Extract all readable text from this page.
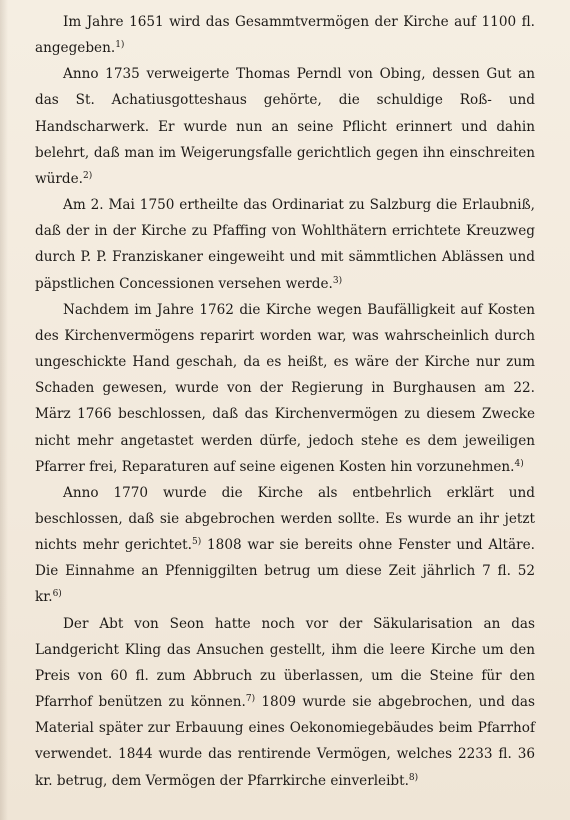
Im Jahre 1651 wird das Gesammtvermögen der Kirche auf 1100 fl. angegeben.$^{1)}$

Anno 1735 verweigerte Thomas Perndl von Obing, dessen Gut an das St. Achatiusgotteshaus gehörte, die schuldige Roß- und Handscharwerk. Er wurde nun an seine Pflicht erinnert und dahin belehrt, daß man im Weigerungsfalle gerichtlich gegen ihn einschreiten würde.$^{2)}$

Am 2. Mai 1750 ertheilte das Ordinariat zu Salzburg die Erlaubniß, daß der in der Kirche zu Pfaffing von Wohlthätern errichtete Kreuzweg durch P. P. Franziskaner eingeweiht und mit sämmtlichen Ablässen und päpstlichen Concessionen versehen werde.$^{3)}$

Nachdem im Jahre 1762 die Kirche wegen Baufälligkeit auf Kosten des Kirchenvermögens reparirt worden war, was wahrscheinlich durch ungeschickte Hand geschah, da es heißt, es wäre der Kirche nur zum Schaden gewesen, wurde von der Regierung in Burghausen am 22. März 1766 beschlossen, daß das Kirchenvermögen zu diesem Zwecke nicht mehr angetastet werden dürfe, jedoch stehe es dem jeweiligen Pfarrer frei, Reparaturen auf seine eigenen Kosten hin vorzunehmen.$^{4)}$

Anno 1770 wurde die Kirche als entbehrlich erklärt und beschlossen, daß sie abgebrochen werden sollte. Es wurde an ihr jetzt nichts mehr gerichtet.$^{5)}$ 1808 war sie bereits ohne Fenster und Altäre. Die Einnahme an Pfenniggilten betrug um diese Zeit jährlich 7 fl. 52 kr.$^{6)}$

Der Abt von Seon hatte noch vor der Säkularisation an das Landgericht Kling das Ansuchen gestellt, ihm die leere Kirche um den Preis von 60 fl. zum Abbruch zu überlassen, um die Steine für den Pfarrhof benützen zu können.$^{7)}$ 1809 wurde sie abgebrochen, und das Material später zur Erbauung eines Oekonomiegebäudes beim Pfarrhof verwendet. 1844 wurde das rentirende Vermögen, welches 2233 fl. 36 kr. betrug, dem Vermögen der Pfarrkirche einverleibt.$^{8)}$
